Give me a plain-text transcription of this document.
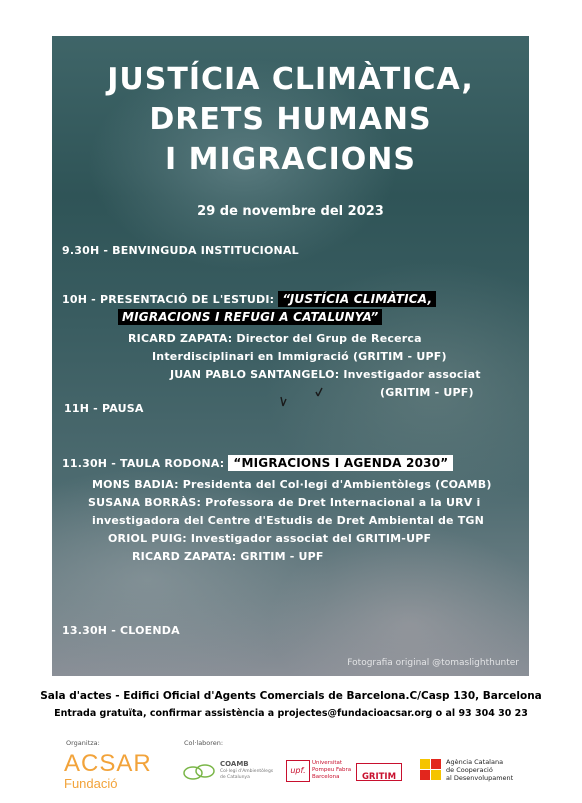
JUSTÍCIA CLIMÀTICA,
DRETS HUMANS
I MIGRACIONS
29 de novembre del 2023
9.30H - BENVINGUDA INSTITUCIONAL
10H - PRESENTACIÓ DE L'ESTUDI: “JUSTÍCIA CLIMÀTICA,
MIGRACIONS I REFUGI A CATALUNYA”
RICARD ZAPATA: Director del Grup de Recerca
Interdisciplinari en Immigració (GRITIM - UPF)
JUAN PABLO SANTANGELO: Investigador associat
(GRITIM - UPF)
11H - PAUSA
11.30H - TAULA RODONA: “MIGRACIONS I AGENDA 2030”
MONS BADIA: Presidenta del Col·legi d'Ambientòlegs (COAMB)
SUSANA BORRÀS: Professora de Dret Internacional a la URV i
investigadora del Centre d'Estudis de Dret Ambiental de TGN
ORIOL PUIG: Investigador associat del GRITIM-UPF
RICARD ZAPATA: GRITIM - UPF
13.30H - CLOENDA
Fotografia original @tomaslighthunter
Sala d'actes - Edifici Oficial d'Agents Comercials de Barcelona.C/Casp 130, Barcelona
Entrada gratuïta, confirmar assistència a projectes@fundacioacsar.org o al 93 304 30 23
Organitza:	Col·laboren:
ACSAR
Fundació
COAMB
Col·legi d'Ambientòlegs
de Catalunya
upf.
Universitat
Pompeu Fabra
Barcelona	GRITIM
Agència Catalana
de Cooperació
al Desenvolupament
